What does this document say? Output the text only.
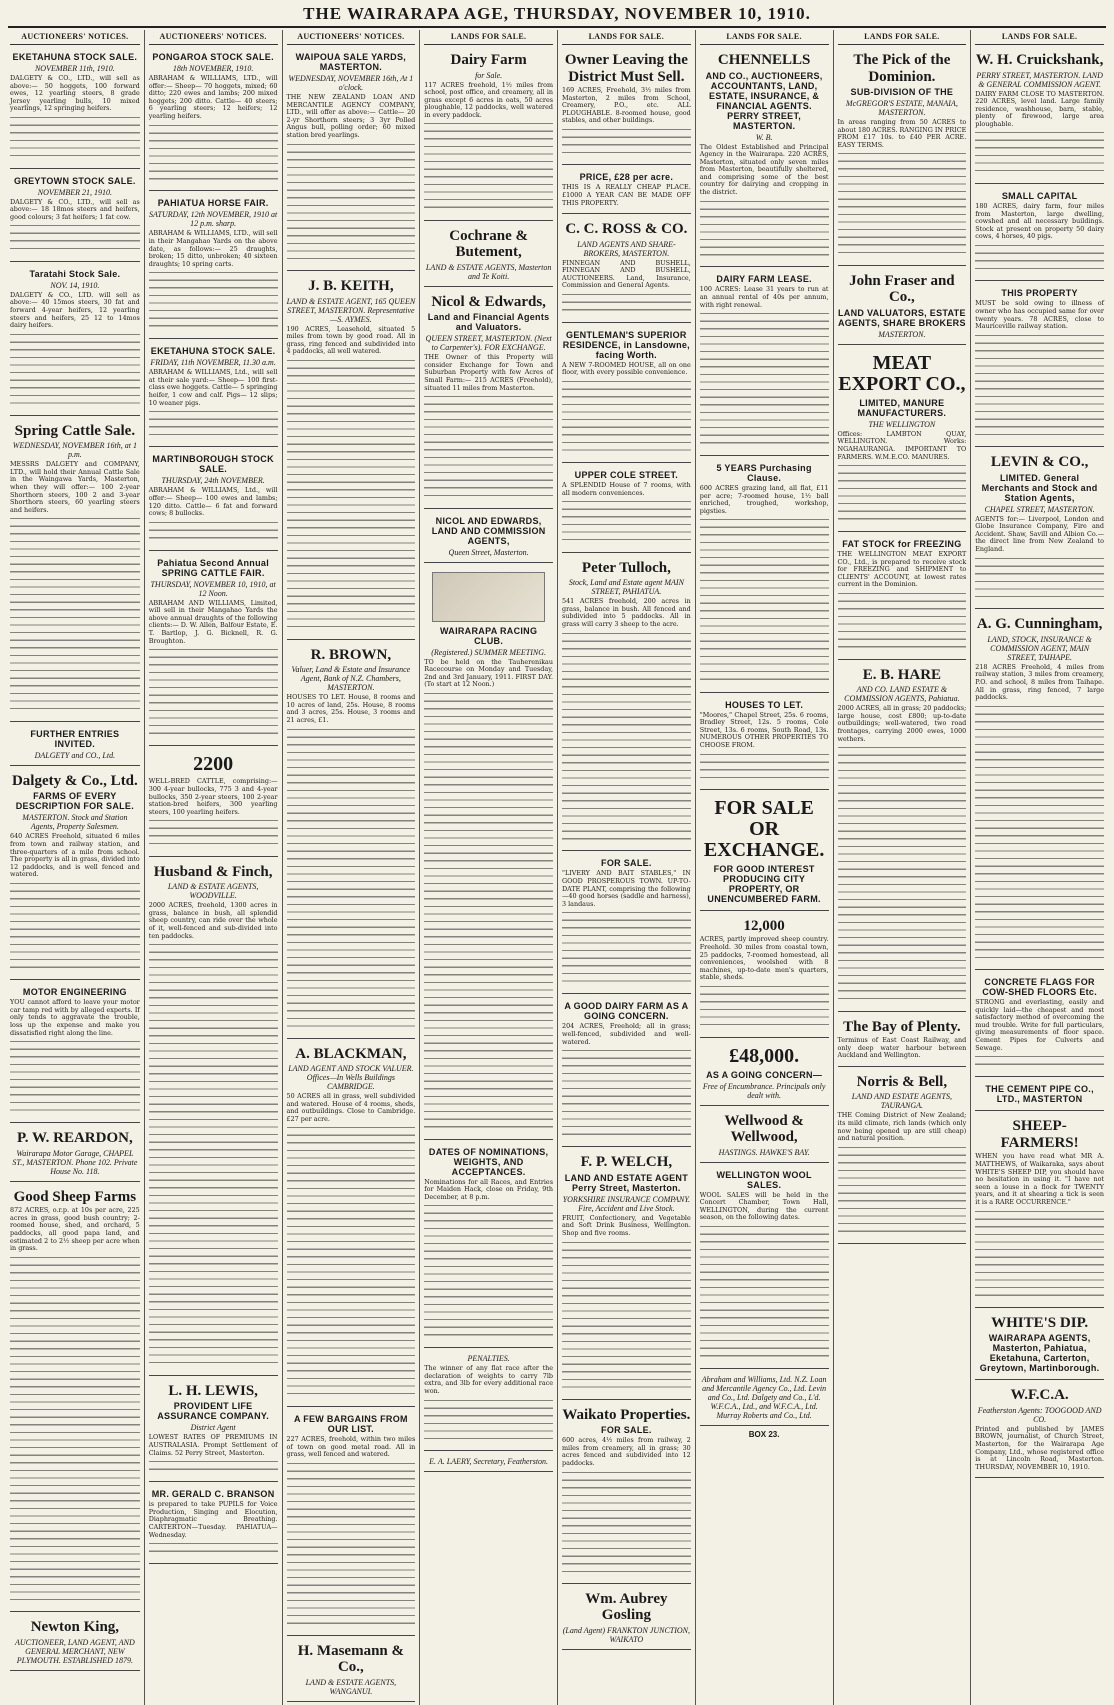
THE WAIRARAPA AGE, THURSDAY, NOVEMBER 10, 1910.
AUCTIONEERS' NOTICES.
EKETAHUNA STOCK SALE.
NOVEMBER 11th, 1910.
DALGETY & CO., LTD., will sell as above:— 50 hoggets, 100 forward ewes, 12 yearling steers, 8 grade Jersey yearling bulls, 10 mixed yearlings, 12 springing heifers.
GREYTOWN STOCK SALE.
NOVEMBER 21, 1910.
DALGETY & CO., LTD., will sell as above:— 18 18mos steers and heifers, good colours; 3 fat heifers; 1 fat cow.
Taratahi Stock Sale.
NOV. 14, 1910.
DALGETY & CO., LTD. will sell as above:— 40 15mos steers, 30 fat and forward 4-year heifers, 12 yearling steers and heifers, 25 12 to 14mos dairy heifers.
Spring Cattle Sale.
WEDNESDAY, NOVEMBER 16th, at 1 p.m.
MESSRS DALGETY and COMPANY, LTD., will hold their Annual Cattle Sale in the Waingawa Yards, Masterton, when they will offer:— 100 2-year Shorthorn steers, 100 2 and 3-year Shorthorn steers, 60 yearling steers and heifers.
FURTHER ENTRIES INVITED.
DALGETY and CO., Ltd.
Dalgety & Co., Ltd.
FARMS OF EVERY DESCRIPTION FOR SALE.
MASTERTON. Stock and Station Agents, Property Salesmen.
640 ACRES Freehold, situated 6 miles from town and railway station, and three-quarters of a mile from school. The property is all in grass, divided into 12 paddocks, and is well fenced and watered.
MOTOR ENGINEERING
YOU cannot afford to leave your motor car tamp red with by alleged experts. If only tends to aggravate the trouble, loss up the expense and make you dissatisfied right along the line.
P. W. REARDON,
Wairarapa Motor Garage, CHAPEL ST., MASTERTON. Phone 102. Private House No. 118.
Good Sheep Farms
872 ACRES, o.r.p. at 10s per acre, 225 acres in grass, good bush country; 2-roomed house, shed, and orchard, 5 paddocks, all good papa land, and estimated 2 to 2½ sheep per acre when in grass.
Newton King,
AUCTIONEER, LAND AGENT, AND GENERAL MERCHANT, NEW PLYMOUTH. ESTABLISHED 1879.
AUCTIONEERS' NOTICES.
PONGAROA STOCK SALE.
18th NOVEMBER, 1910.
ABRAHAM & WILLIAMS, LTD., will offer:— Sheep— 70 hoggets, mixed; 60 ditto; 220 ewes and lambs; 200 mixed hoggets; 200 ditto. Cattle— 40 steers; 6 yearling steers; 12 heifers; 12 yearling heifers.
PAHIATUA HORSE FAIR.
SATURDAY, 12th NOVEMBER, 1910 at 12 p.m. sharp.
ABRAHAM & WILLIAMS, LTD., will sell in their Mangahao Yards on the above date, as follows:— 25 draughts, broken; 15 ditto, unbroken; 40 sixteen draughts; 10 spring carts.
EKETAHUNA STOCK SALE.
FRIDAY, 11th NOVEMBER, 11.30 a.m.
ABRAHAM & WILLIAMS, Ltd., will sell at their sale yard:— Sheep— 100 first-class ewe hoggets. Cattle— 5 springing heifer, 1 cow and calf. Pigs— 12 slips; 10 weaner pigs.
MARTINBOROUGH STOCK SALE.
THURSDAY, 24th NOVEMBER.
ABRAHAM & WILLIAMS, Ltd., will offer:— Sheep— 100 ewes and lambs; 120 ditto. Cattle— 6 fat and forward cows; 8 bullocks.
Pahiatua Second Annual SPRING CATTLE FAIR.
THURSDAY, NOVEMBER 10, 1910, at 12 Noon.
ABRAHAM AND WILLIAMS, Limited, will sell in their Mangahao Yards the above annual draughts of the following clients:— D. W. Allen, Balfour Estate, E. T. Bartlop, J. G. Bicknell, R. G. Broughton.
2200
WELL-BRED CATTLE, comprising:— 300 4-year bullocks, 775 3 and 4-year bullocks, 350 2-year steers, 100 2-year station-bred heifers, 300 yearling steers, 100 yearling heifers.
Husband & Finch,
LAND & ESTATE AGENTS, WOODVILLE.
2000 ACRES, freehold, 1300 acres in grass, balance in bush, all splendid sheep country, can ride over the whole of it, well-fenced and sub-divided into ten paddocks.
L. H. LEWIS,
PROVIDENT LIFE ASSURANCE COMPANY.
District Agent
LOWEST RATES OF PREMIUMS IN AUSTRALASIA. Prompt Settlement of Claims. 52 Perry Street, Masterton.
MR. GERALD C. BRANSON
is prepared to take PUPILS for Voice Production, Singing and Elocution, Diaphragmatic Breathing. CARTERTON—Tuesday. PAHIATUA—Wednesday.
AUCTIONEERS' NOTICES.
WAIPOUA SALE YARDS, MASTERTON.
WEDNESDAY, NOVEMBER 16th, At 1 o'clock.
THE NEW ZEALAND LOAN AND MERCANTILE AGENCY COMPANY, LTD., will offer as above:— Cattle— 20 2-yr Shorthorn steers; 3 3yr Polled Angus bull, polling order; 60 mixed station bred yearlings.
J. B. KEITH,
LAND & ESTATE AGENT, 165 QUEEN STREET, MASTERTON. Representative—S. AYMES.
190 ACRES, Leasehold, situated 5 miles from town by good road. All in grass, ring fenced and subdivided into 4 paddocks, all well watered.
R. BROWN,
Valuer, Land & Estate and Insurance Agent, Bank of N.Z. Chambers, MASTERTON.
HOUSES TO LET. House, 8 rooms and 10 acres of land, 25s. House, 8 rooms and 3 acres, 25s. House, 3 rooms and 21 acres, £1.
A. BLACKMAN,
LAND AGENT AND STOCK VALUER. Offices—In Wells Buildings CAMBRIDGE.
50 ACRES all in grass, well subdivided and watered. House of 4 rooms, sheds, and outbuildings. Close to Cambridge. £27 per acre.
A FEW BARGAINS FROM OUR LIST.
227 ACRES, freehold, within two miles of town on good metal road. All in grass, well fenced and watered.
H. Masemann & Co.,
LAND & ESTATE AGENTS, WANGANUI.
LANDS FOR SALE.
Dairy Farm
for Sale.
117 ACRES freehold, 1½ miles from school, post office, and creamery, all in grass except 6 acres in oats, 50 acres ploughable, 12 paddocks, well watered in every paddock.
Cochrane & Butement,
LAND & ESTATE AGENTS, Masterton and Te Koiti.
Nicol & Edwards,
Land and Financial Agents and Valuators.
QUEEN STREET, MASTERTON. (Next to Carpenter's). FOR EXCHANGE.
THE Owner of this Property will consider Exchange for Town and Suburban Property with few Acres of Small Farm:— 215 ACRES (Freehold), situated 11 miles from Masterton.
NICOL AND EDWARDS, LAND AND COMMISSION AGENTS,
Queen Street, Masterton.
WAIRARAPA RACING CLUB.
(Registered.) SUMMER MEETING.
TO be held on the Tauherenikau Racecourse on Monday and Tuesday, 2nd and 3rd January, 1911. FIRST DAY. (To start at 12 Noon.)
DATES OF NOMINATIONS, WEIGHTS, AND ACCEPTANCES.
Nominations for all Races, and Entries for Maiden Hack, close on Friday, 9th December, at 8 p.m.
PENALTIES.
The winner of any flat race after the declaration of weights to carry 7lb extra, and 3lb for every additional race won.
E. A. LAERY, Secretary, Featherston.
LANDS FOR SALE.
Owner Leaving the District Must Sell.
169 ACRES, Freehold, 3½ miles from Masterton, 2 miles from School, Creamery, P.O., etc. ALL PLOUGHABLE. 8-roomed house, good stables, and other buildings.
PRICE, £28 per acre.
THIS IS A REALLY CHEAP PLACE. £1000 A YEAR CAN BE MADE OFF THIS PROPERTY.
C. C. ROSS & CO.
LAND AGENTS AND SHARE-BROKERS, MASTERTON.
FINNEGAN AND BUSHELL, FINNEGAN AND BUSHELL, AUCTIONEERS. Land, Insurance, Commission and General Agents.
GENTLEMAN'S SUPERIOR RESIDENCE, in Lansdowne, facing Worth.
A NEW 7-ROOMED HOUSE, all on one floor, with every possible convenience.
UPPER COLE STREET.
A SPLENDID House of 7 rooms, with all modern conveniences.
Peter Tulloch,
Stock, Land and Estate agent MAIN STREET, PAHIATUA.
541 ACRES freehold, 200 acres in grass, balance in bush. All fenced and subdivided into 5 paddocks. All in grass will carry 3 sheep to the acre.
FOR SALE.
"LIVERY AND BAIT STABLES," IN GOOD PROSPEROUS TOWN. UP-TO-DATE PLANT, comprising the following—40 good horses (saddle and harness), 3 landaus.
A GOOD DAIRY FARM AS A GOING CONCERN.
204 ACRES, Freehold; all in grass; well-fenced, subdivided and well-watered.
F. P. WELCH,
LAND AND ESTATE AGENT Perry Street, Masterton.
YORKSHIRE INSURANCE COMPANY. Fire, Accident and Live Stock.
FRUIT, Confectionery, and Vegetable and Soft Drink Business, Wellington. Shop and five rooms.
Waikato Properties.
FOR SALE.
600 acres, 4½ miles from railway, 2 miles from creamery, all in grass; 30 acres fenced and subdivided into 12 paddocks.
Wm. Aubrey Gosling
(Land Agent) FRANKTON JUNCTION, WAIKATO
LANDS FOR SALE.
CHENNELLS
AND CO., AUCTIONEERS, ACCOUNTANTS, LAND, ESTATE, INSURANCE, & FINANCIAL AGENTS. PERRY STREET, MASTERTON.
W. B.
The Oldest Established and Principal Agency in the Wairarapa. 220 ACRES, Masterton, situated only seven miles from Masterton, beautifully sheltered, and comprising some of the best country for dairying and cropping in the district.
DAIRY FARM LEASE.
100 ACRES: Lease 31 years to run at an annual rental of 40s per annum, with right renewal.
5 YEARS Purchasing Clause.
600 ACRES grazing land, all flat, £11 per acre; 7-roomed house, 1½ ball enriched, troughed, workshop, pigsties.
HOUSES TO LET.
"Moores," Chapel Street, 25s. 6 rooms, Bradley Street, 12s. 5 rooms, Cole Street, 13s. 6 rooms, South Road, 13s. NUMEROUS OTHER PROPERTIES TO CHOOSE FROM.
FOR SALE OR EXCHANGE.
FOR GOOD INTEREST PRODUCING CITY PROPERTY, OR UNENCUMBERED FARM.
12,000
ACRES, partly improved sheep country. Freehold. 30 miles from coastal town, 25 paddocks, 7-roomed homestead, all conveniences, woolshed with 8 machines, up-to-date men's quarters, stable, sheds.
£48,000.
AS A GOING CONCERN—
Free of Encumbrance. Principals only dealt with.
Wellwood & Wellwood,
HASTINGS. HAWKE'S BAY.
WELLINGTON WOOL SALES.
WOOL SALES will be held in the Concert Chamber, Town Hall, WELLINGTON, during the current season, on the following dates.
Abraham and Williams, Ltd. N.Z. Loan and Mercantile Agency Co., Ltd. Levin and Co., Ltd. Dalgety and Co., L'd. W.F.C.A., Ltd., and W.F.C.A., Ltd. Murray Roberts and Co., Ltd.
BOX 23.
LANDS FOR SALE.
The Pick of the Dominion.
SUB-DIVISION OF THE
McGREGOR'S ESTATE, MANAIA, MASTERTON.
In areas ranging from 50 ACRES to about 180 ACRES. RANGING IN PRICE FROM £17 10s. to £40 PER ACRE. EASY TERMS.
John Fraser and Co.,
LAND VALUATORS, ESTATE AGENTS, SHARE BROKERS
MASTERTON.
MEAT EXPORT CO.,
LIMITED, MANURE MANUFACTURERS.
THE WELLINGTON
Offices: LAMBTON QUAY, WELLINGTON. Works: NGAHAURANGA. IMPORTANT TO FARMERS. W.M.E.CO. MANURES.
FAT STOCK for FREEZING
THE WELLINGTON MEAT EXPORT CO., Ltd., is prepared to receive stock for FREEZING and SHIPMENT to CLIENTS' ACCOUNT, at lowest rates current in the Dominion.
E. B. HARE
AND CO. LAND ESTATE & COMMISSION AGENTS, Pahiatua.
2000 ACRES, all in grass; 20 paddocks; large house, cost £800; up-to-date outbuildings; well-watered, two road frontages, carrying 2000 ewes, 1000 wethers.
The Bay of Plenty.
Terminus of East Coast Railway, and only deep water harbour between Auckland and Wellington.
Norris & Bell,
LAND AND ESTATE AGENTS, TAURANGA.
THE Coming District of New Zealand; its mild climate, rich lands (which only now being opened up are still cheap) and natural position.
LANDS FOR SALE.
W. H. Cruickshank,
PERRY STREET, MASTERTON. LAND & GENERAL COMMISSION AGENT.
DAIRY FARM CLOSE TO MASTERTON. 220 ACRES, level land. Large family residence, washhouse, barn, stable, plenty of firewood, large area ploughable.
SMALL CAPITAL
180 ACRES, dairy farm, four miles from Masterton, large dwelling, cowshed and all necessary buildings. Stock at present on property 50 dairy cows, 4 horses, 40 pigs.
THIS PROPERTY
MUST be sold owing to illness of owner who has occupied same for over twenty years. 78 ACRES, close to Mauriceville railway station.
LEVIN & CO.,
LIMITED. General Merchants and Stock and Station Agents,
CHAPEL STREET, MASTERTON.
AGENTS for:— Liverpool, London and Globe Insurance Company, Fire and Accident. Shaw, Savill and Albion Co.—the direct line from New Zealand to England.
A. G. Cunningham,
LAND, STOCK, INSURANCE & COMMISSION AGENT, MAIN STREET, TAIHAPE.
218 ACRES Freehold, 4 miles from railway station, 3 miles from creamery, P.O. and school, 8 miles from Taihape. All in grass, ring fenced, 7 large paddocks.
CONCRETE FLAGS FOR COW-SHED FLOORS Etc.
STRONG and everlasting, easily and quickly laid—the cheapest and most satisfactory method of overcoming the mud trouble. Write for full particulars, giving measurements of floor space. Cement Pipes for Culverts and Sewage.
THE CEMENT PIPE CO., LTD., MASTERTON
SHEEP-FARMERS!
WHEN you have read what MR A. MATTHEWS, of Waikaraka, says about WHITE'S SHEEP DIP, you should have no hesitation in using it. "I have not seen a louse in a flock for TWENTY years, and it at shearing a tick is seen it is a RARE OCCURRENCE."
WHITE'S DIP.
WAIRARAPA AGENTS, Masterton, Pahiatua, Eketahuna, Carterton, Greytown, Martinborough.
W.F.C.A.
Featherston Agents: TOOGOOD AND CO.
Printed and published by JAMES BROWN, journalist, of Church Street, Masterton, for the Wairarapa Age Company, Ltd., whose registered office is at Lincoln Road, Masterton. THURSDAY, NOVEMBER 10, 1910.
